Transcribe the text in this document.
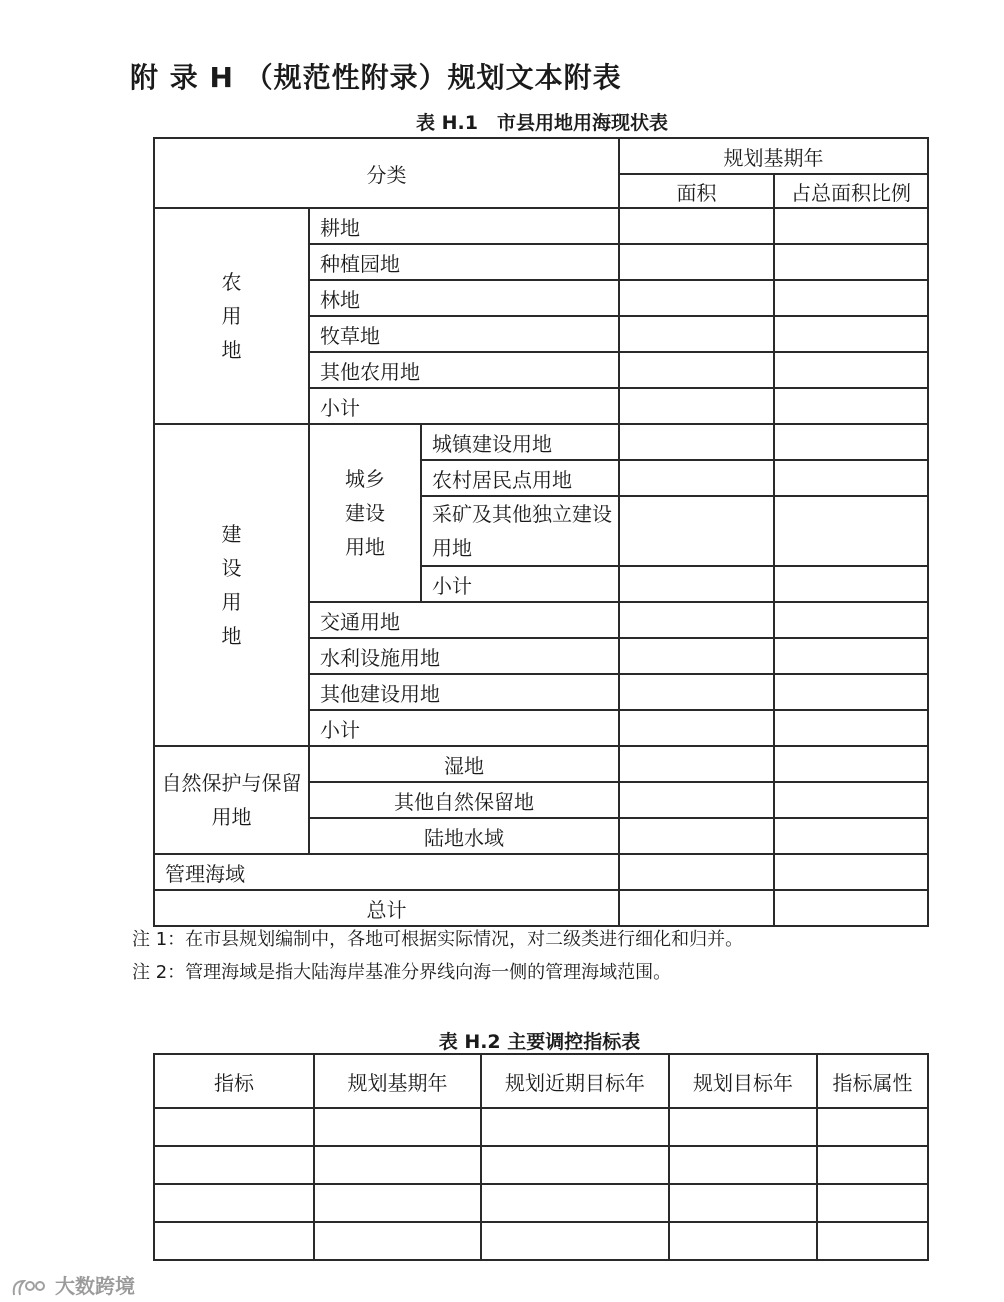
附 录 H （规范性附录）规划文本附表
表 H.1　市县用地用海现状表
分类			规划基期年	
			面积	占总面积比例
农
用
地	耕地			
	种植园地			
	林地			
	牧草地			
	其他农用地			
	小计			
建
设
用
地	城乡
建设
用地	城镇建设用地		
		农村居民点用地		
		采矿及其他独立建设用地		
		小计		
	交通用地			
	水利设施用地			
	其他建设用地			
	小计			
自然保护与保留用地	湿地			
	其他自然保留地			
	陆地水域			
管理海域				
总计				
注 1：在市县规划编制中，各地可根据实际情况，对二级类进行细化和归并。
注 2：管理海域是指大陆海岸基准分界线向海一侧的管理海域范围。
表 H.2 主要调控指标表
指标	规划基期年	规划近期目标年	规划目标年	指标属性

大数跨境
